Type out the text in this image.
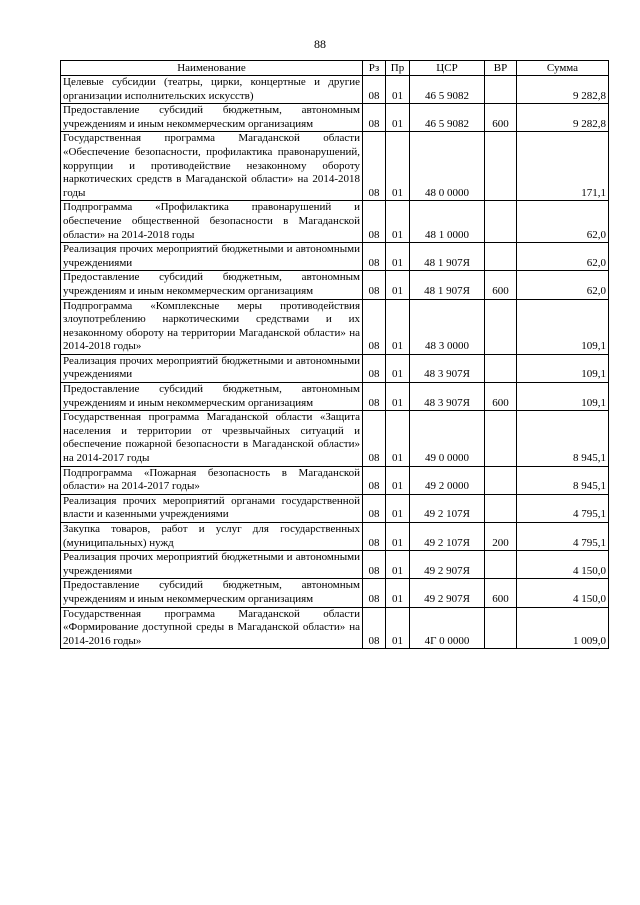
88
Наименование	Рз	Пр	ЦСР	ВР	Сумма
Целевые субсидии (театры, цирки, концертные и другие организации исполнительских искусств)	08	01	46 5 9082		9 282,8
Предоставление субсидий бюджетным, автономным учреждениям и иным некоммерческим организациям	08	01	46 5 9082	600	9 282,8
Государственная программа Магаданской области «Обеспечение безопасности, профилактика правонарушений, коррупции и противодействие незаконному обороту наркотических средств в Магаданской области» на 2014-2018 годы	08	01	48 0 0000		171,1
Подпрограмма «Профилактика правонарушений и обеспечение общественной безопасности в Магаданской области» на 2014-2018 годы	08	01	48 1 0000		62,0
Реализация прочих мероприятий бюджетными и автономными учреждениями	08	01	48 1 907Я		62,0
Предоставление субсидий бюджетным, автономным учреждениям и иным некоммерческим организациям	08	01	48 1 907Я	600	62,0
Подпрограмма «Комплексные меры противодействия злоупотреблению наркотическими средствами и их незаконному обороту на территории Магаданской области» на 2014-2018 годы»	08	01	48 3 0000		109,1
Реализация прочих мероприятий бюджетными и автономными учреждениями	08	01	48 3 907Я		109,1
Предоставление субсидий бюджетным, автономным учреждениям и иным некоммерческим организациям	08	01	48 3 907Я	600	109,1
Государственная программа Магаданской области «Защита населения и территории от чрезвычайных ситуаций и обеспечение пожарной безопасности в Магаданской области» на 2014-2017 годы	08	01	49 0 0000		8 945,1
Подпрограмма «Пожарная безопасность в Магаданской области» на 2014-2017 годы»	08	01	49 2 0000		8 945,1
Реализация прочих мероприятий органами государственной власти и казенными учреждениями	08	01	49 2 107Я		4 795,1
Закупка товаров, работ и услуг для государственных (муниципальных) нужд	08	01	49 2 107Я	200	4 795,1
Реализация прочих мероприятий бюджетными и автономными учреждениями	08	01	49 2 907Я		4 150,0
Предоставление субсидий бюджетным, автономным учреждениям и иным некоммерческим организациям	08	01	49 2 907Я	600	4 150,0
Государственная программа Магаданской области «Формирование доступной среды в Магаданской области» на 2014-2016 годы»	08	01	4Г 0 0000		1 009,0
